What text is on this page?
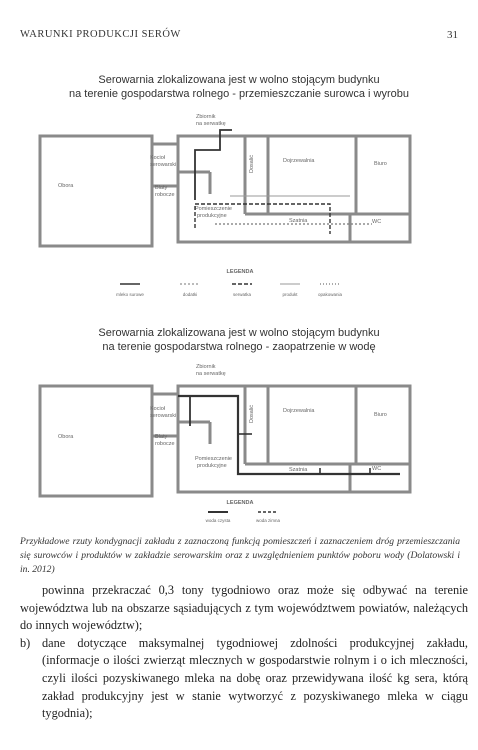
WARUNKI PRODUKCJI SERÓW	31
Serowarnia zlokalizowana jest w wolno stojącym budynku
na terenie gospodarstwa rolnego - przemieszczanie surowca i wyrobu
Obora
Zbiornik
na serwatkę
Kocioł
serowarski
Blaty
robocze
Pomieszczenie
produkcyjne
Dosalić	Dojrzewalnia	Biuro
Szatnia	WC
LEGENDA
mleko surowe	dodatki	serwatka	produkt	opakowania
Serowarnia zlokalizowana jest w wolno stojącym budynku
na terenie gospodarstwa rolnego - zaopatrzenie w wodę
Obora
Zbiornik
na serwatkę
Kocioł
serowarski
Blaty
robocze
Pomieszczenie
produkcyjne
Dosalić	Dojrzewalnia
Biuro
Szatnia	WC
LEGENDA
woda czysta	woda zimna
Przykładowe rzuty kondygnacji zakładu z zaznaczoną funkcją pomieszczeń i zaznaczeniem dróg przemieszczania się surowców i produktów w zakładzie serowarskim oraz z uwzględnieniem punktów poboru wody (Dolatowski i in. 2012)

powinna przekraczać 0,3 tony tygodniowo oraz może się odbywać na terenie województwa lub na obszarze sąsiadujących z tym województwem powiatów, należących do innych województw);

b) dane dotyczące maksymalnej tygodniowej zdolności produkcyjnej zakładu, (informacje o ilości zwierząt mlecznych w gospodarstwie rolnym i o ich mleczności, czyli ilości pozyskiwanego mleka na dobę oraz przewidywana ilość kg sera, którą zakład produkcyjny jest w stanie wytworzyć z pozyskiwanego mleka w ciągu tygodnia);
